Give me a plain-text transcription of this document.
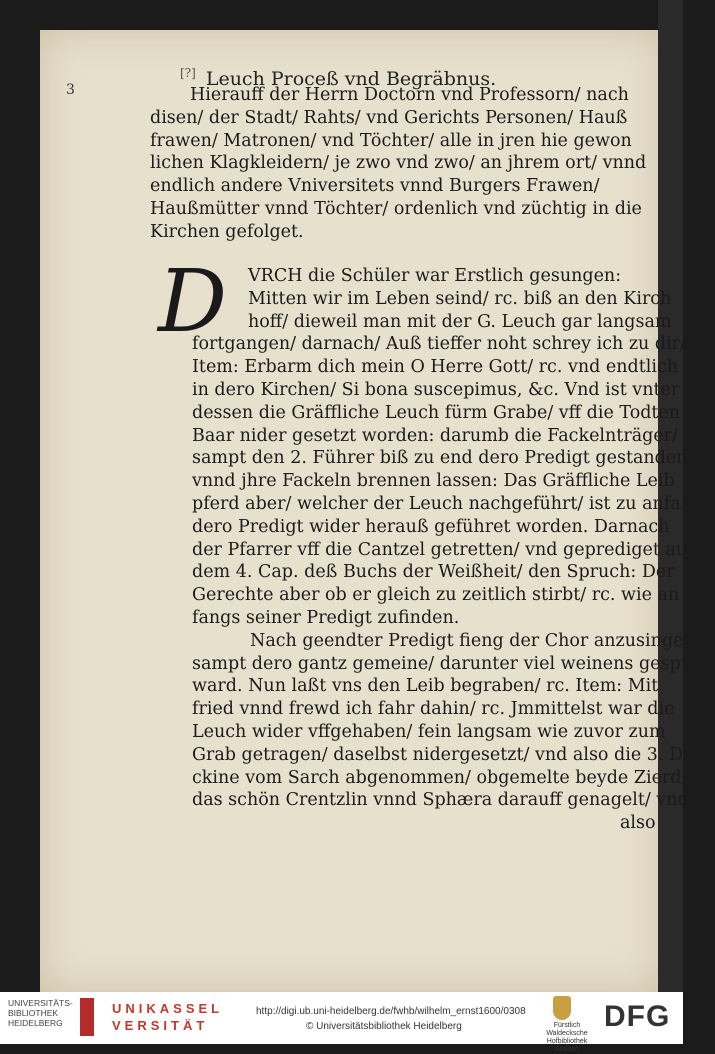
3
[?] Leuch Proceß vnd Begräbnus.
Hierauff der Herrn Doctorn vnd Professorn/ nach
disen/ der Stadt/ Rahts/ vnd Gerichts Personen/ Hauß
frawen/ Matronen/ vnd Töchter/ alle in jren hie gewon
lichen Klagkleidern/ je zwo vnd zwo/ an jhrem ort/ vnnd
endlich andere Vniversitets vnnd Burgers Frawen/
Haußmütter vnnd Töchter/ ordenlich vnd züchtig in die
Kirchen gefolget.
D	VRCH die Schüler war Erstlich gesungen:
Mitten wir im Leben seind/ rc. biß an den Kirch
hoff/ dieweil man mit der G. Leuch gar langsam
fortgangen/ darnach/ Auß tieffer noht schrey ich zu dir/ rc.
Item: Erbarm dich mein O Herre Gott/ rc. vnd endtlich
in dero Kirchen/ Si bona suscepimus, &c. Vnd ist vnter
dessen die Gräffliche Leuch fürm Grabe/ vff die Todten
Baar nider gesetzt worden: darumb die Fackelnträger/
sampt den 2. Führer biß zu end dero Predigt gestanden/
vnnd jhre Fackeln brennen lassen: Das Gräffliche Leib
pferd aber/ welcher der Leuch nachgeführt/ ist zu anfang
dero Predigt wider herauß geführet worden. Darnach
der Pfarrer vff die Cantzel getretten/ vnd geprediget auß
dem 4. Cap. deß Buchs der Weißheit/ den Spruch: Der
Gerechte aber ob er gleich zu zeitlich stirbt/ rc. wie an
fangs seiner Predigt zufinden.
Nach geendter Predigt fieng der Chor anzusingen/
sampt dero gantz gemeine/ darunter viel weinens gespürt
ward. Nun laßt vns den Leib begraben/ rc. Item: Mit
fried vnnd frewd ich fahr dahin/ rc. Jmmittelst war die
Leuch wider vffgehaben/ fein langsam wie zuvor zum
Grab getragen/ daselbst nidergesetzt/ vnd also die 3. De
ckine vom Sarch abgenommen/ obgemelte beyde Zierd/
das schön Crentzlin vnnd Sphæra darauff genagelt/ vnd
also
UNIVERSITÄTS-BIBLIOTHEK HEIDELBERG
UNIKASSEL
VERSITÄT
http://digi.ub.uni-heidelberg.de/fwhb/wilhelm_ernst1600/0308
© Universitätsbibliothek Heidelberg	Fürstlich Waldecksche Hofbibliothek Arolsen
DFG
